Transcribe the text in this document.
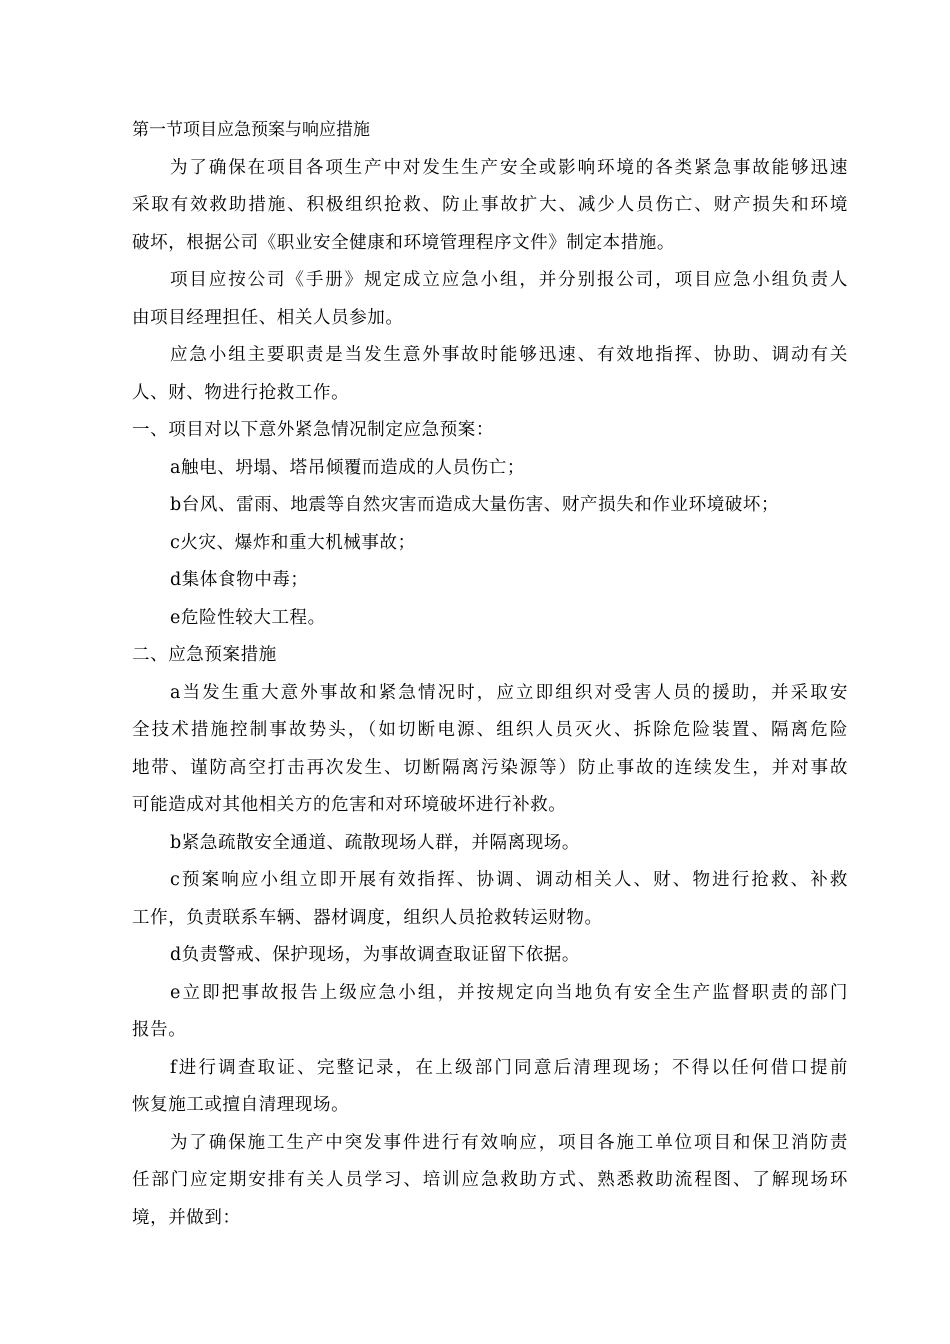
第一节项目应急预案与响应措施
为了确保在项目各项生产中对发生生产安全或影响环境的各类紧急事故能够迅速
采取有效救助措施、积极组织抢救、防止事故扩大、减少人员伤亡、财产损失和环境
破坏，根据公司《职业安全健康和环境管理程序文件》制定本措施。
项目应按公司《手册》规定成立应急小组，并分别报公司，项目应急小组负责人
由项目经理担任、相关人员参加。
应急小组主要职责是当发生意外事故时能够迅速、有效地指挥、协助、调动有关
人、财、物进行抢救工作。
一、项目对以下意外紧急情况制定应急预案：
a触电、坍塌、塔吊倾覆而造成的人员伤亡；
b台风、雷雨、地震等自然灾害而造成大量伤害、财产损失和作业环境破坏；
c火灾、爆炸和重大机械事故；
d集体食物中毒；
e危险性较大工程。
二、应急预案措施
a当发生重大意外事故和紧急情况时，应立即组织对受害人员的援助，并采取安
全技术措施控制事故势头，（如切断电源、组织人员灭火、拆除危险装置、隔离危险
地带、谨防高空打击再次发生、切断隔离污染源等）防止事故的连续发生，并对事故
可能造成对其他相关方的危害和对环境破坏进行补救。
b紧急疏散安全通道、疏散现场人群，并隔离现场。
c预案响应小组立即开展有效指挥、协调、调动相关人、财、物进行抢救、补救
工作，负责联系车辆、器材调度，组织人员抢救转运财物。
d负责警戒、保护现场，为事故调查取证留下依据。
e立即把事故报告上级应急小组，并按规定向当地负有安全生产监督职责的部门
报告。
f进行调查取证、完整记录，在上级部门同意后清理现场；不得以任何借口提前
恢复施工或擅自清理现场。
为了确保施工生产中突发事件进行有效响应，项目各施工单位项目和保卫消防责
任部门应定期安排有关人员学习、培训应急救助方式、熟悉救助流程图、了解现场环
境，并做到：
